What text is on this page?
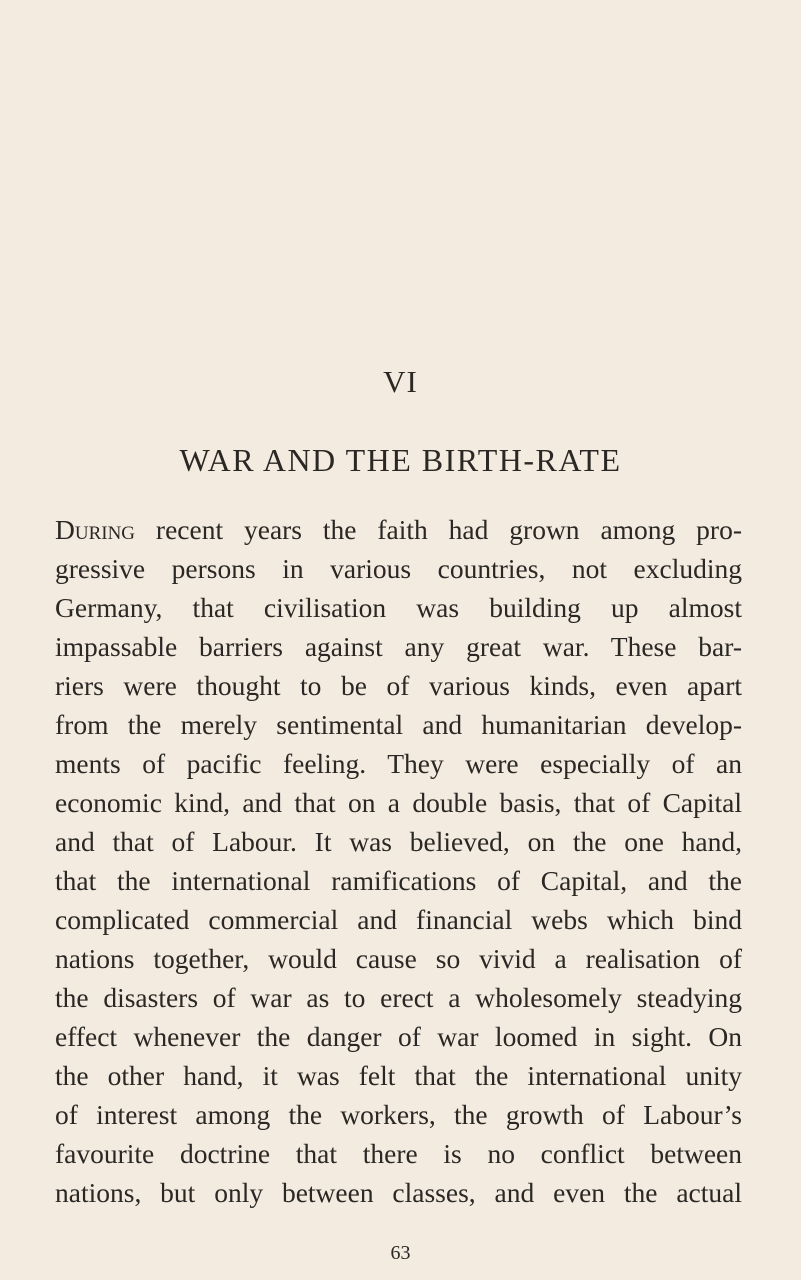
VI
WAR AND THE BIRTH-RATE
During recent years the faith had grown among pro-
gressive persons in various countries, not excluding
Germany, that civilisation was building up almost
impassable barriers against any great war. These bar-
riers were thought to be of various kinds, even apart
from the merely sentimental and humanitarian develop-
ments of pacific feeling. They were especially of an
economic kind, and that on a double basis, that of Capital
and that of Labour. It was believed, on the one hand,
that the international ramifications of Capital, and the
complicated commercial and financial webs which bind
nations together, would cause so vivid a realisation of
the disasters of war as to erect a wholesomely steadying
effect whenever the danger of war loomed in sight. On
the other hand, it was felt that the international unity
of interest among the workers, the growth of Labour’s
favourite doctrine that there is no conflict between
nations, but only between classes, and even the actual
63
